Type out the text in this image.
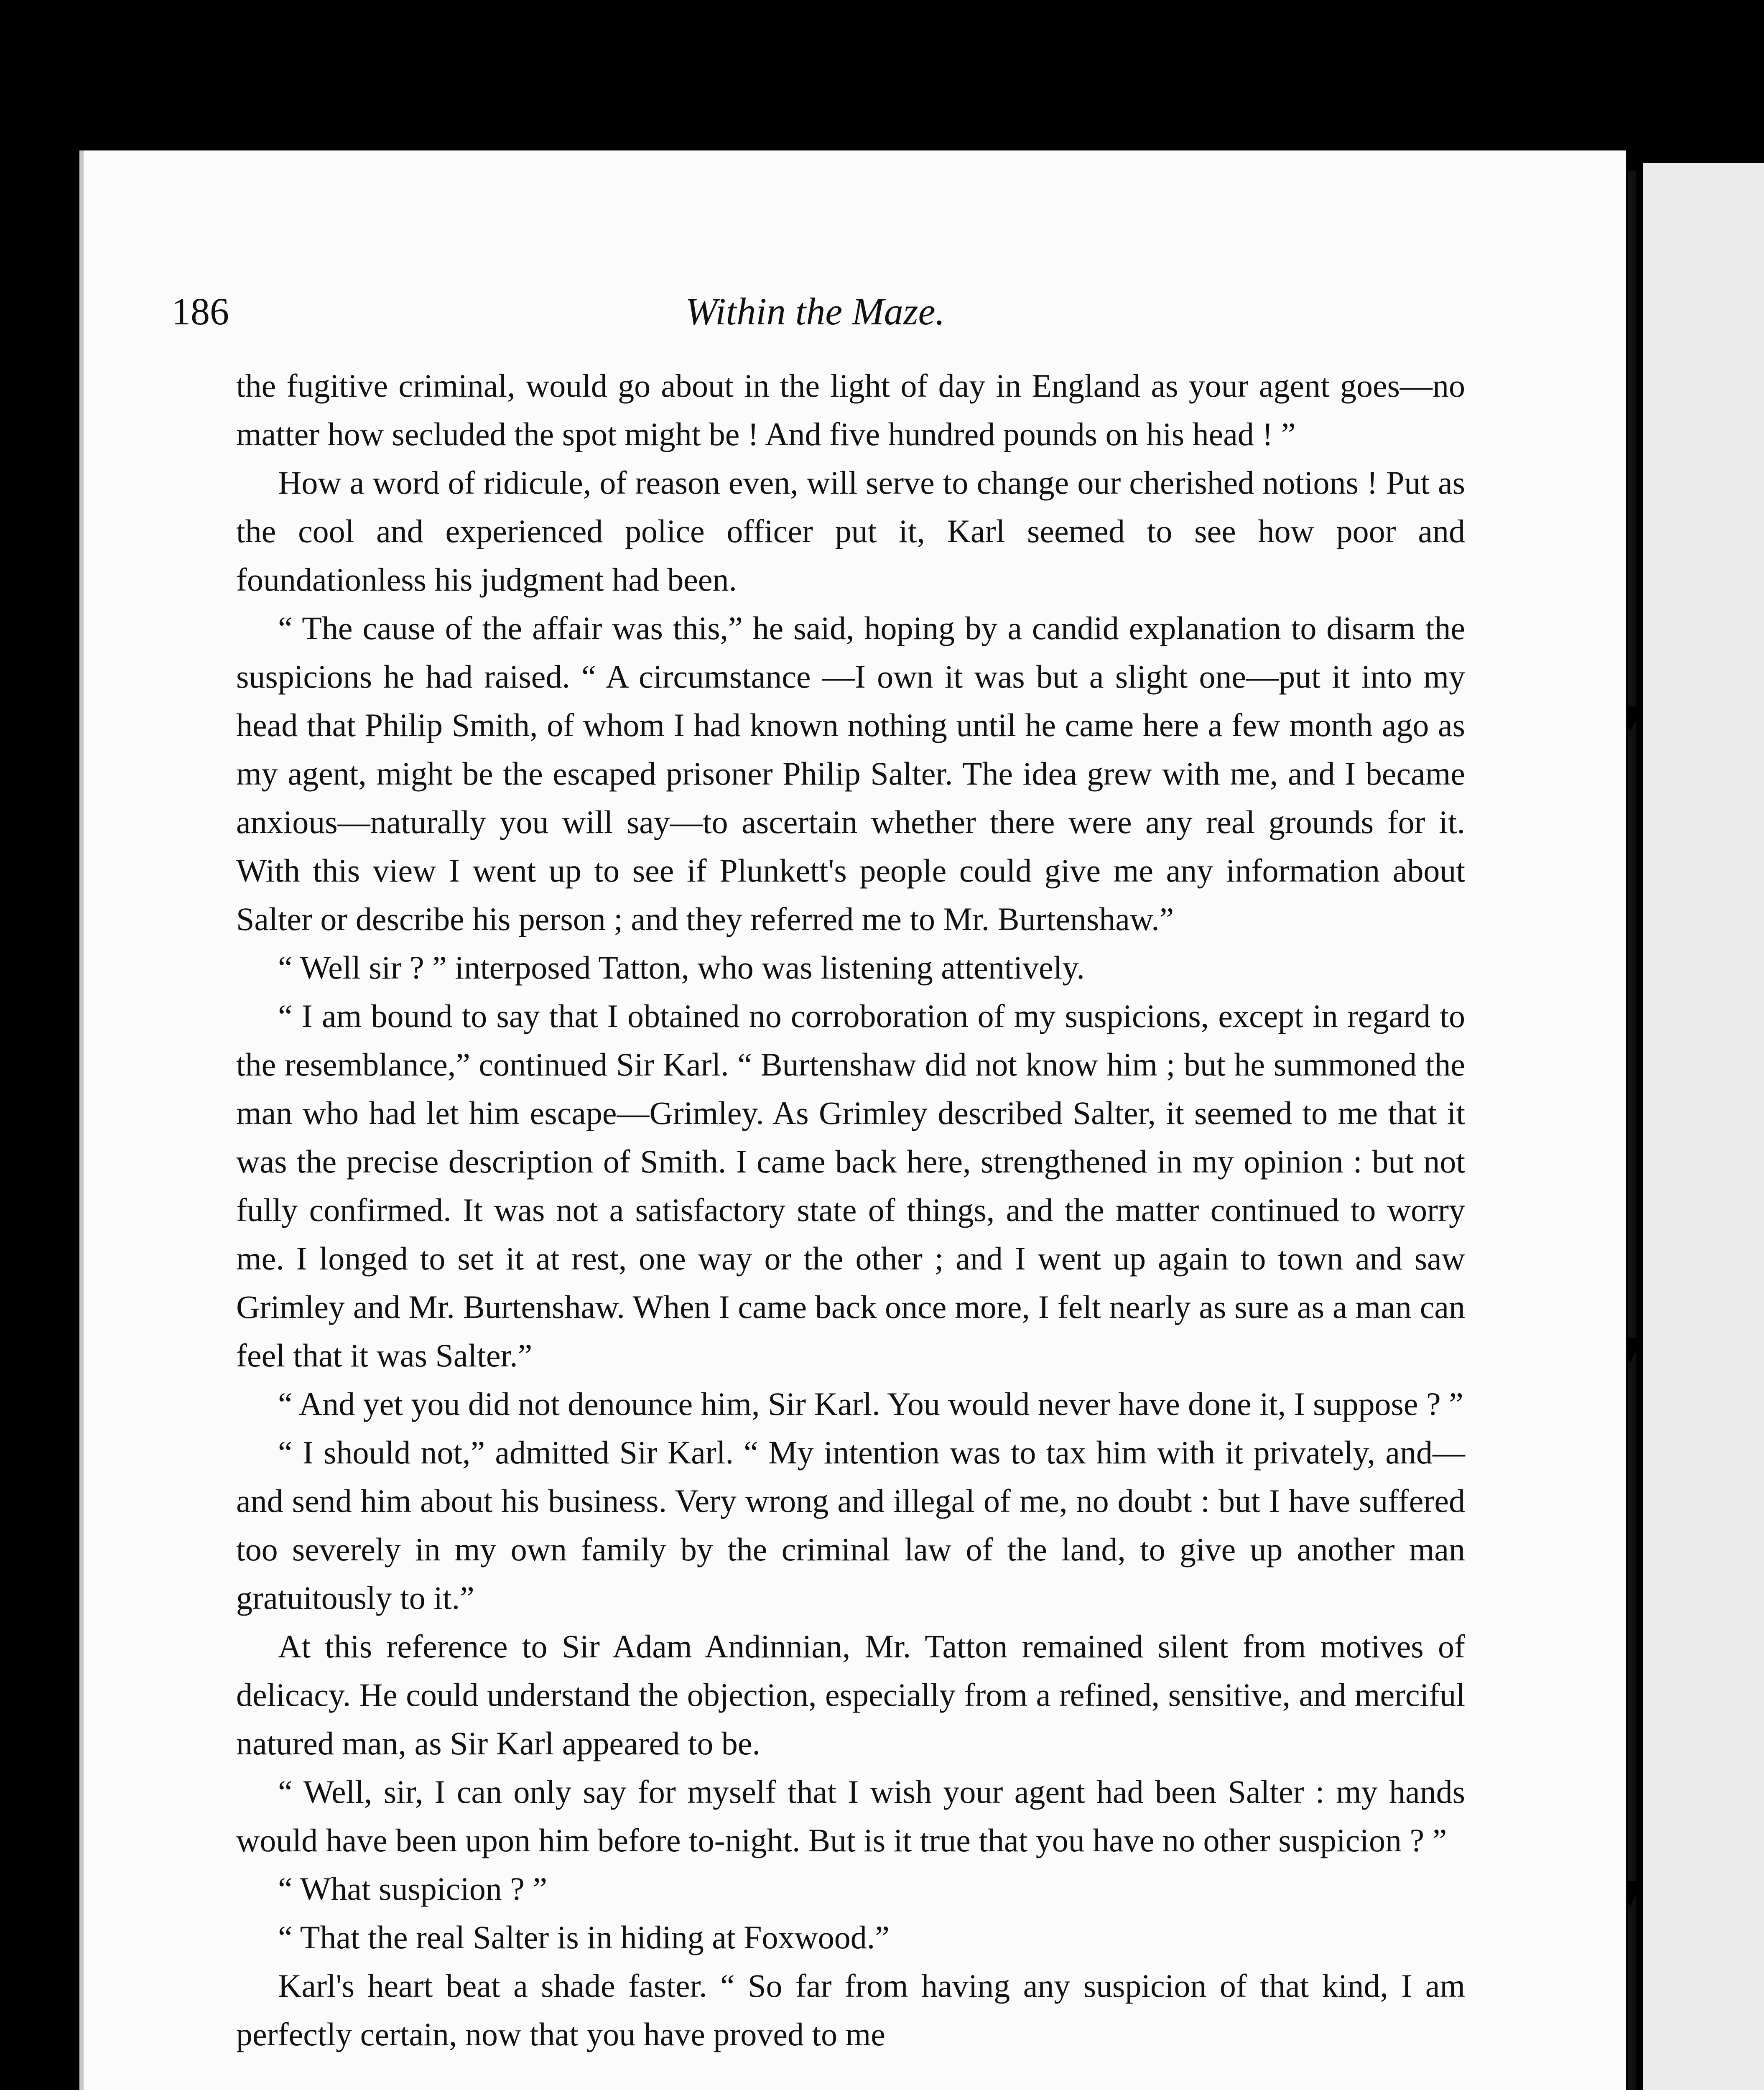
186	Within the Maze.

the fugitive criminal, would go about in the light of day in England as your agent goes—no matter how secluded the spot might be ! And five hundred pounds on his head ! ”

How a word of ridicule, of reason even, will serve to change our cherished notions ! Put as the cool and experienced police officer put it, Karl seemed to see how poor and foundationless his judgment had been.

“ The cause of the affair was this,” he said, hoping by a candid explanation to disarm the suspicions he had raised. “ A circumstance —I own it was but a slight one—put it into my head that Philip Smith, of whom I had known nothing until he came here a few month ago as my agent, might be the escaped prisoner Philip Salter. The idea grew with me, and I became anxious—naturally you will say—to ascertain whether there were any real grounds for it. With this view I went up to see if Plunkett's people could give me any information about Salter or describe his person ; and they referred me to Mr. Burtenshaw.”

“ Well sir ? ” interposed Tatton, who was listening attentively.

“ I am bound to say that I obtained no corroboration of my suspicions, except in regard to the resemblance,” continued Sir Karl. “ Burtenshaw did not know him ; but he summoned the man who had let him escape—Grimley. As Grimley described Salter, it seemed to me that it was the precise description of Smith. I came back here, strengthened in my opinion : but not fully confirmed. It was not a satisfactory state of things, and the matter continued to worry me. I longed to set it at rest, one way or the other ; and I went up again to town and saw Grimley and Mr. Burtenshaw. When I came back once more, I felt nearly as sure as a man can feel that it was Salter.”

“ And yet you did not denounce him, Sir Karl. You would never have done it, I suppose ? ”

“ I should not,” admitted Sir Karl. “ My intention was to tax him with it privately, and—and send him about his business. Very wrong and illegal of me, no doubt : but I have suffered too severely in my own family by the criminal law of the land, to give up another man gratuitously to it.”

At this reference to Sir Adam Andinnian, Mr. Tatton remained silent from motives of delicacy. He could understand the objection, especially from a refined, sensitive, and merciful natured man, as Sir Karl appeared to be.

“ Well, sir, I can only say for myself that I wish your agent had been Salter : my hands would have been upon him before to-night. But is it true that you have no other suspicion ? ”

“ What suspicion ? ”

“ That the real Salter is in hiding at Foxwood.”

Karl's heart beat a shade faster. “ So far from having any suspicion of that kind, I am perfectly certain, now that you have proved to me
